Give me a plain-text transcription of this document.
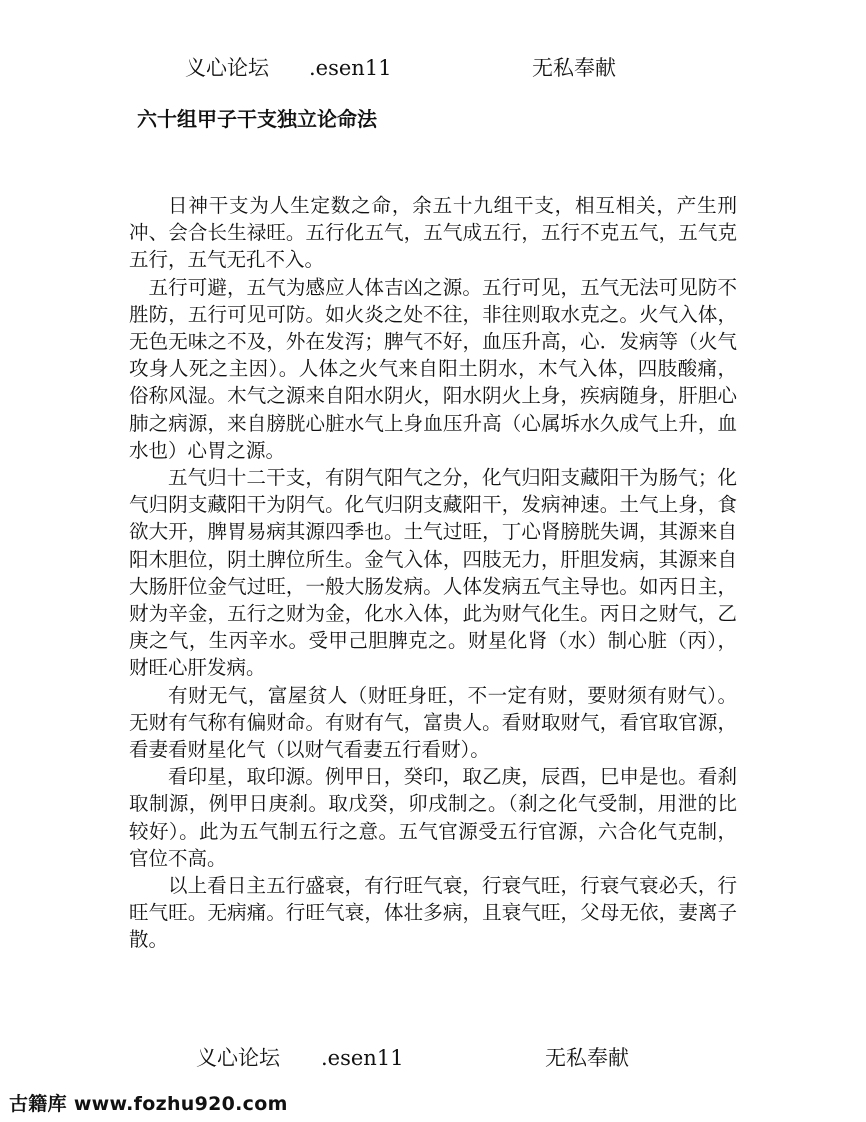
义心论坛 .esen11	无私奉献
六十组甲子干支独立论命法

日神干支为人生定数之命，余五十九组干支，相互相关，产生刑冲、会合长生禄旺。五行化五气，五气成五行，五行不克五气，五气克五行，五气无孔不入。

五行可避，五气为感应人体吉凶之源。五行可见，五气无法可见防不胜防，五行可见可防。如火炎之处不往，非往则取水克之。火气入体，无色无味之不及，外在发泻；脾气不好，血压升高，心．发病等（火气攻身人死之主因）。人体之火气来自阳土阴水，木气入体，四肢酸痛，俗称风湿。木气之源来自阳水阴火，阳水阴火上身，疾病随身，肝胆心肺之病源，来自膀胱心脏水气上身血压升高（心属坼水久成气上升，血水也）心胃之源。

五气归十二干支，有阴气阳气之分，化气归阳支藏阳干为肠气；化气归阴支藏阳干为阴气。化气归阴支藏阳干，发病神速。土气上身，食欲大开，脾胃易病其源四季也。土气过旺，丁心肾膀胱失调，其源来自阳木胆位，阴土脾位所生。金气入体，四肢无力，肝胆发病，其源来自大肠肝位金气过旺，一般大肠发病。人体发病五气主导也。如丙日主，财为辛金，五行之财为金，化水入体，此为财气化生。丙日之财气，乙庚之气，生丙辛水。受甲己胆脾克之。财星化肾（水）制心脏（丙），财旺心肝发病。

有财无气，富屋贫人（财旺身旺，不一定有财，要财须有财气）。无财有气称有偏财命。有财有气，富贵人。看财取财气，看官取官源，看妻看财星化气（以财气看妻五行看财）。

看印星，取印源。例甲日，癸印，取乙庚，辰酉，巳申是也。看刹取制源，例甲日庚刹。取戊癸，卯戌制之。（刹之化气受制，用泄的比较好）。此为五气制五行之意。五气官源受五行官源，六合化气克制，官位不高。

以上看日主五行盛衰，有行旺气衰，行衰气旺，行衰气衰必夭，行旺气旺。无病痛。行旺气衰，体壮多病，且衰气旺，父母无依，妻离子散。

义心论坛 .esen11	无私奉献
古籍库 www.fozhu920.com
